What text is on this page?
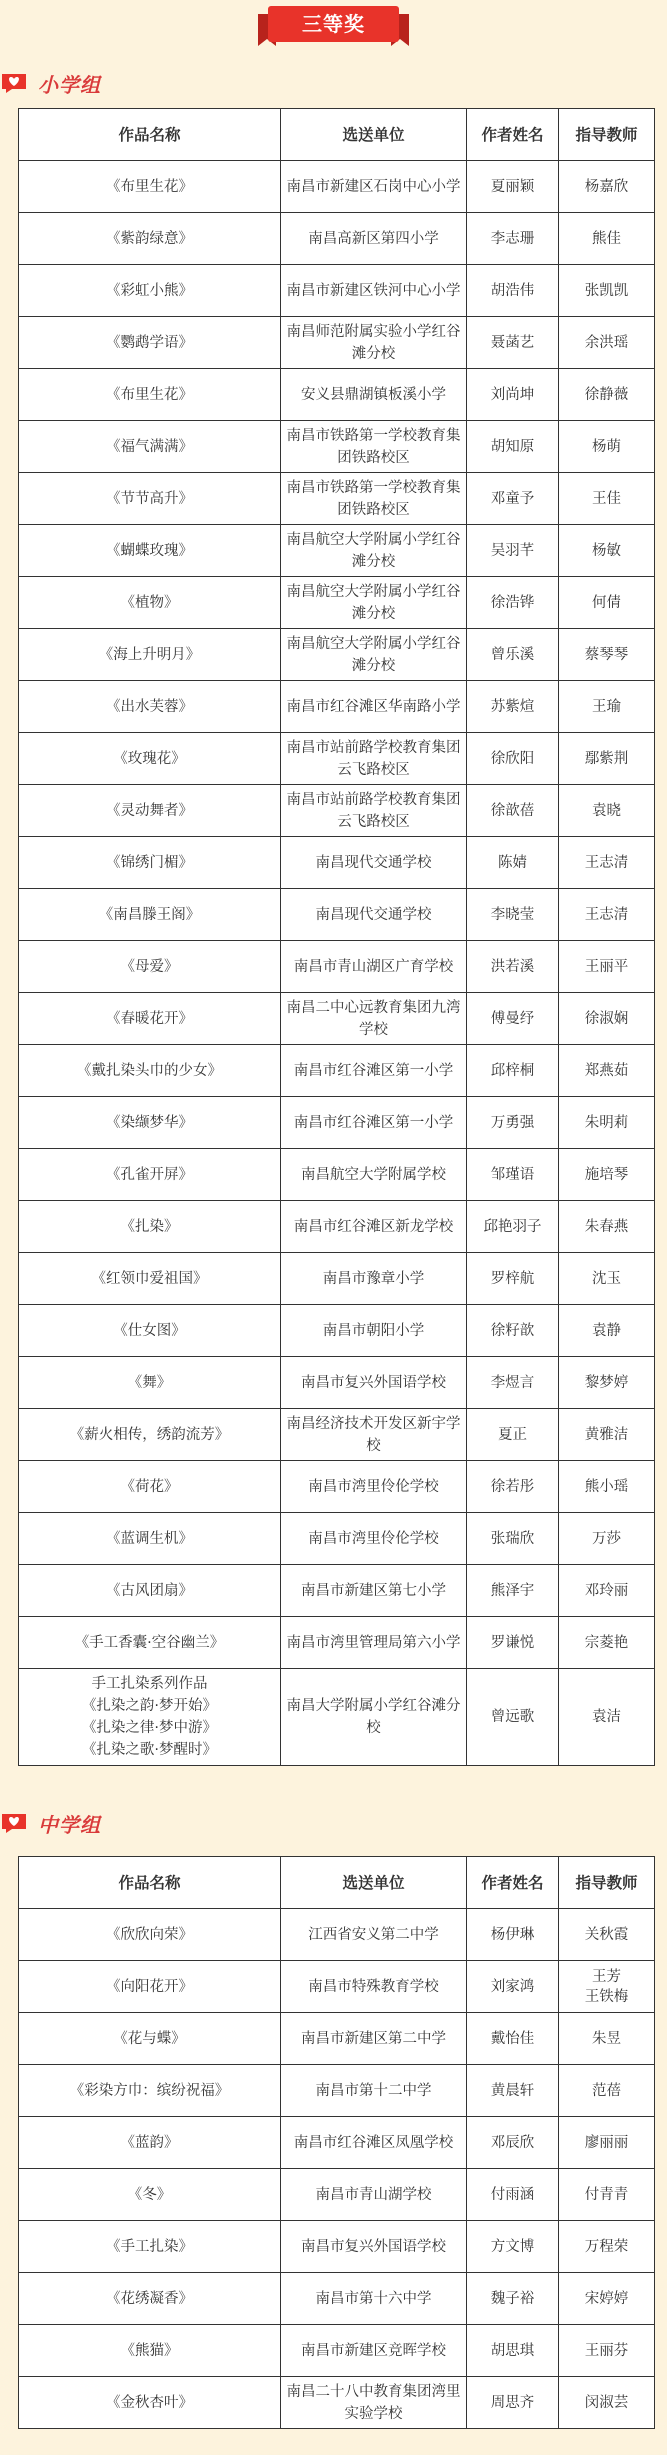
三等奖
小学组
作品名称	选送单位	作者姓名	指导教师
《布里生花》	南昌市新建区石岗中心小学	夏丽颖	杨嘉欣
《紫韵绿意》	南昌高新区第四小学	李志珊	熊佳
《彩虹小熊》	南昌市新建区铁河中心小学	胡浩伟	张凯凯
《鹦鹉学语》	南昌师范附属实验小学红谷滩分校	聂菡艺	余洪瑶
《布里生花》	安义县鼎湖镇板溪小学	刘尚坤	徐静薇
《福气满满》	南昌市铁路第一学校教育集团铁路校区	胡知原	杨萌
《节节高升》	南昌市铁路第一学校教育集团铁路校区	邓童予	王佳
《蝴蝶玫瑰》	南昌航空大学附属小学红谷滩分校	吴羽芊	杨敏
《植物》	南昌航空大学附属小学红谷滩分校	徐浩铧	何倩
《海上升明月》	南昌航空大学附属小学红谷滩分校	曾乐溪	蔡琴琴
《出水芙蓉》	南昌市红谷滩区华南路小学	苏紫煊	王瑜
《玫瑰花》	南昌市站前路学校教育集团云飞路校区	徐欣阳	鄢紫荆
《灵动舞者》	南昌市站前路学校教育集团云飞路校区	徐歆蓓	袁晓
《锦绣门楣》	南昌现代交通学校	陈婧	王志清
《南昌滕王阁》	南昌现代交通学校	李晓莹	王志清
《母爱》	南昌市青山湖区广育学校	洪若溪	王丽平
《春暖花开》	南昌二中心远教育集团九湾学校	傅曼纾	徐淑娴
《戴扎染头巾的少女》	南昌市红谷滩区第一小学	邱梓桐	郑燕茹
《染缬梦华》	南昌市红谷滩区第一小学	万勇强	朱明莉
《孔雀开屏》	南昌航空大学附属学校	邹瑾语	施培琴
《扎染》	南昌市红谷滩区新龙学校	邱艳羽子	朱春燕
《红领巾爱祖国》	南昌市豫章小学	罗梓航	沈玉
《仕女图》	南昌市朝阳小学	徐籽歆	袁静
《舞》	南昌市复兴外国语学校	李煜言	黎梦婷
《薪火相传，绣韵流芳》	南昌经济技术开发区新宇学校	夏正	黄雅洁
《荷花》	南昌市湾里伶伦学校	徐若彤	熊小瑶
《蓝调生机》	南昌市湾里伶伦学校	张瑞欣	万莎
《古风团扇》	南昌市新建区第七小学	熊泽宇	邓玲丽
《手工香囊·空谷幽兰》	南昌市湾里管理局第六小学	罗谦悦	宗菱艳

手工扎染系列作品
《扎染之韵·梦开始》
《扎染之律·梦中游》
《扎染之歌·梦醒时》	南昌大学附属小学红谷滩分校	曾远歌	袁洁
中学组
作品名称	选送单位	作者姓名	指导教师
《欣欣向荣》	江西省安义第二中学	杨伊琳	关秋霞
《向阳花开》	南昌市特殊教育学校	刘家鸿	王芳
王铁梅
《花与蝶》	南昌市新建区第二中学	戴怡佳	朱昱
《彩染方巾：缤纷祝福》	南昌市第十二中学	黄晨轩	范蓓
《蓝韵》	南昌市红谷滩区凤凰学校	邓辰欣	廖丽丽
《冬》	南昌市青山湖学校	付雨涵	付青青
《手工扎染》	南昌市复兴外国语学校	方文博	万程荣
《花绣凝香》	南昌市第十六中学	魏子裕	宋婷婷
《熊猫》	南昌市新建区竞晖学校	胡思琪	王丽芬
《金秋杏叶》	南昌二十八中教育集团湾里实验学校	周思齐	闵淑芸
